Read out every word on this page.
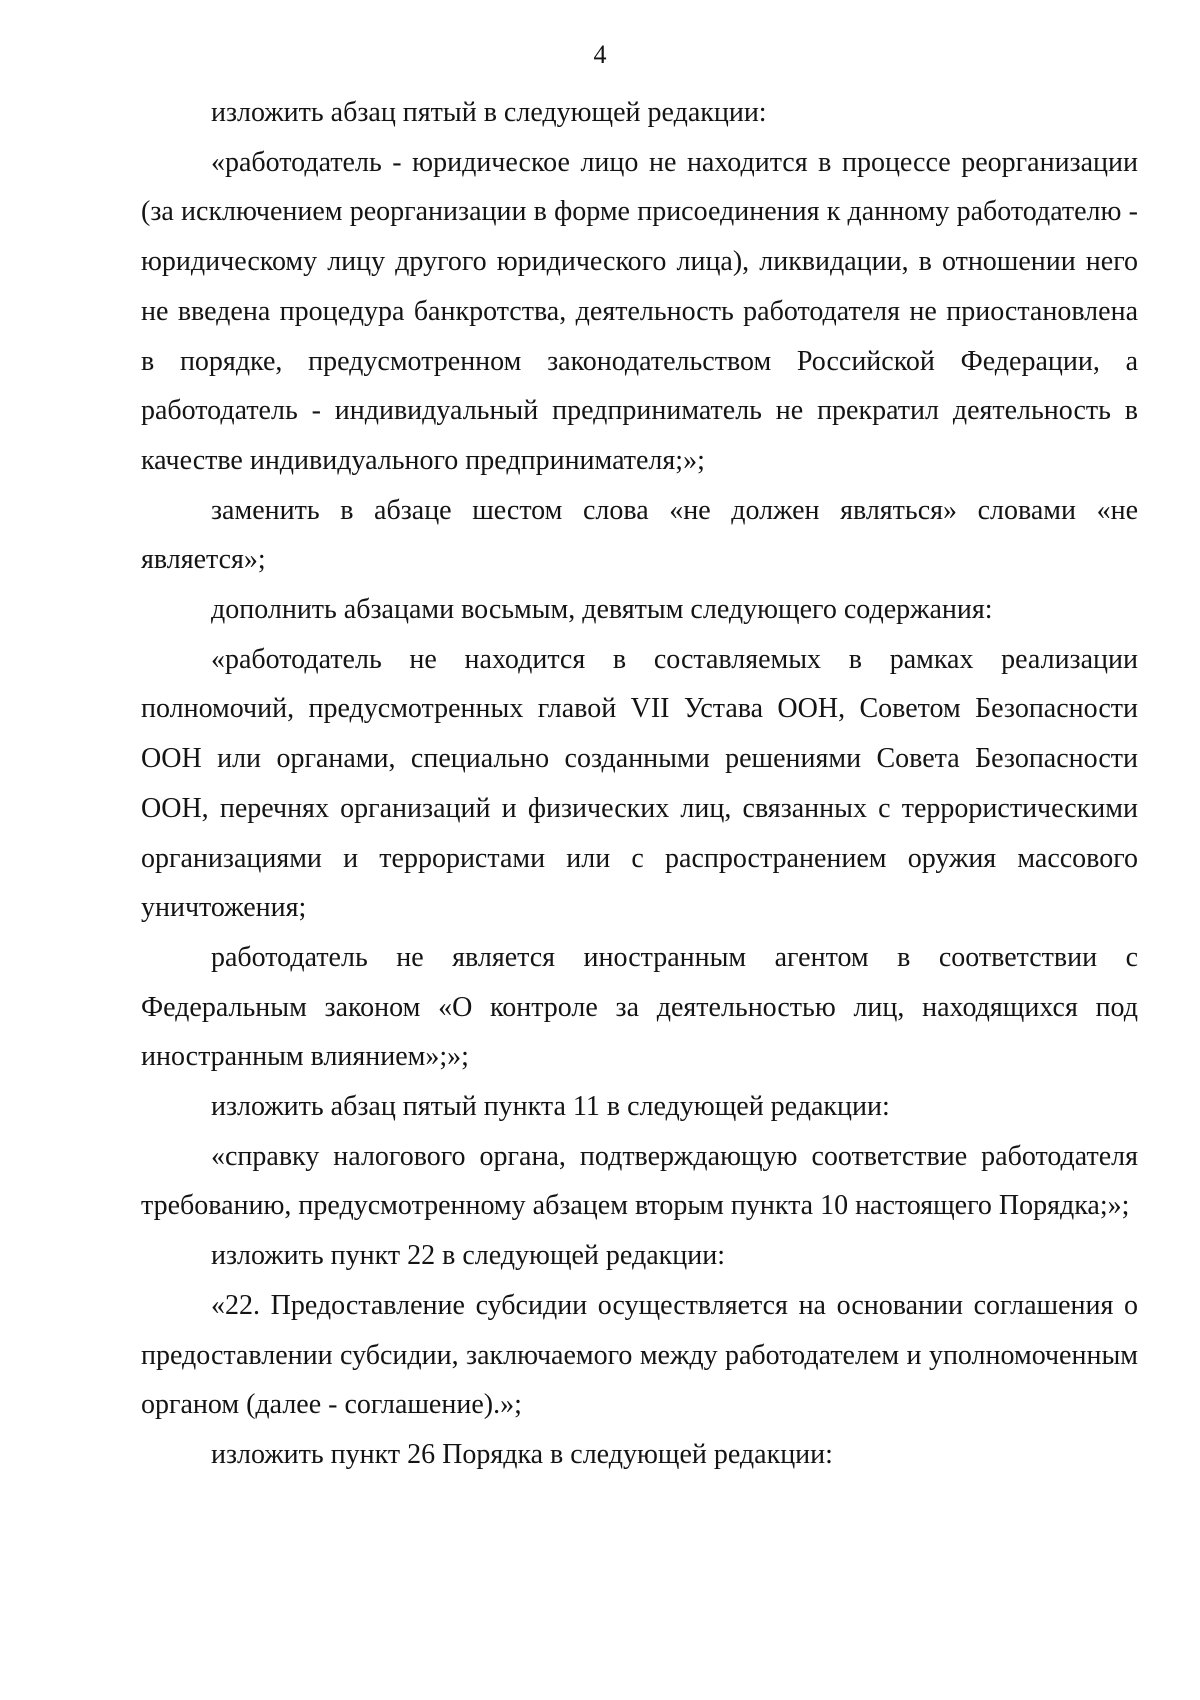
4

изложить абзац пятый в следующей редакции:

«работодатель - юридическое лицо не находится в процессе реорганизации (за исключением реорганизации в форме присоединения к данному работодателю - юридическому лицу другого юридического лица), ликвидации, в отношении него не введена процедура банкротства, деятельность работодателя не приостановлена в порядке, предусмотренном законодательством Российской Федерации, а работодатель - индивидуальный предприниматель не прекратил деятельность в качестве индивидуального предпринимателя;»;

заменить в абзаце шестом слова «не должен являться» словами «не является»;

дополнить абзацами восьмым, девятым следующего содержания:

«работодатель не находится в составляемых в рамках реализации полномочий, предусмотренных главой VII Устава ООН, Советом Безопасности ООН или органами, специально созданными решениями Совета Безопасности ООН, перечнях организаций и физических лиц, связанных с террористическими организациями и террористами или с распространением оружия массового уничтожения;

работодатель не является иностранным агентом в соответствии с Федеральным законом «О контроле за деятельностью лиц, находящихся под иностранным влиянием»;»;

изложить абзац пятый пункта 11 в следующей редакции:

«справку налогового органа, подтверждающую соответствие работодателя требованию, предусмотренному абзацем вторым пункта 10 настоящего Порядка;»;

изложить пункт 22 в следующей редакции:

«22. Предоставление субсидии осуществляется на основании соглашения о предоставлении субсидии, заключаемого между работодателем и уполномоченным органом (далее - соглашение).»;

изложить пункт 26 Порядка в следующей редакции:
